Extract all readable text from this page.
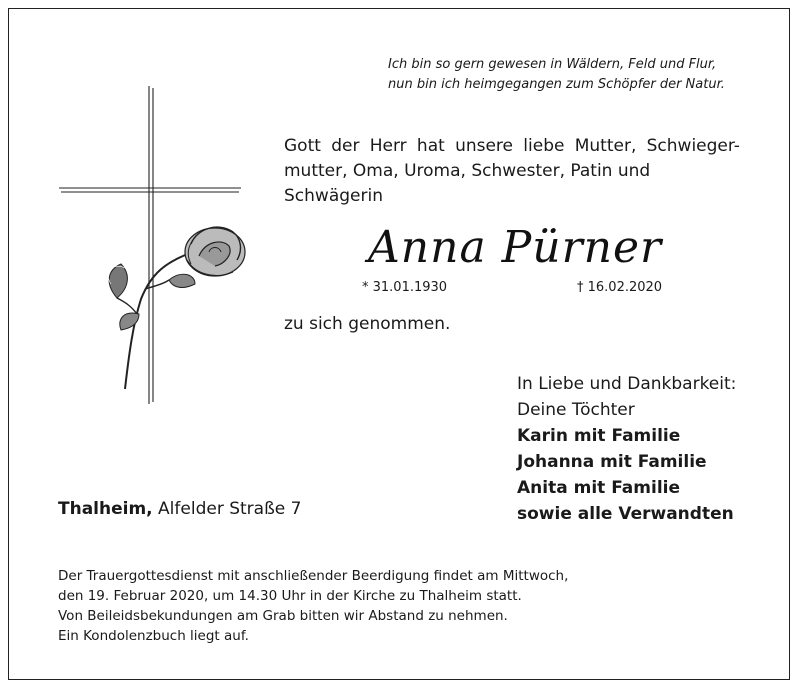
Ich bin so gern gewesen in Wäldern, Feld und Flur,
nun bin ich heimgegangen zum Schöpfer der Natur.
Gott der Herr hat unsere liebe Mutter, Schwieger-
mutter, Oma, Uroma, Schwester, Patin und
Schwägerin
Anna Pürner
* 31.01.1930	† 16.02.2020
zu sich genommen.
In Liebe und Dankbarkeit:
Deine Töchter
Karin mit Familie
Johanna mit Familie
Anita mit Familie
sowie alle Verwandten
Thalheim, Alfelder Straße 7
Der Trauergottesdienst mit anschließender Beerdigung findet am Mittwoch,
den 19. Februar 2020, um 14.30 Uhr in der Kirche zu Thalheim statt.
Von Beileidsbekundungen am Grab bitten wir Abstand zu nehmen.
Ein Kondolenzbuch liegt auf.
